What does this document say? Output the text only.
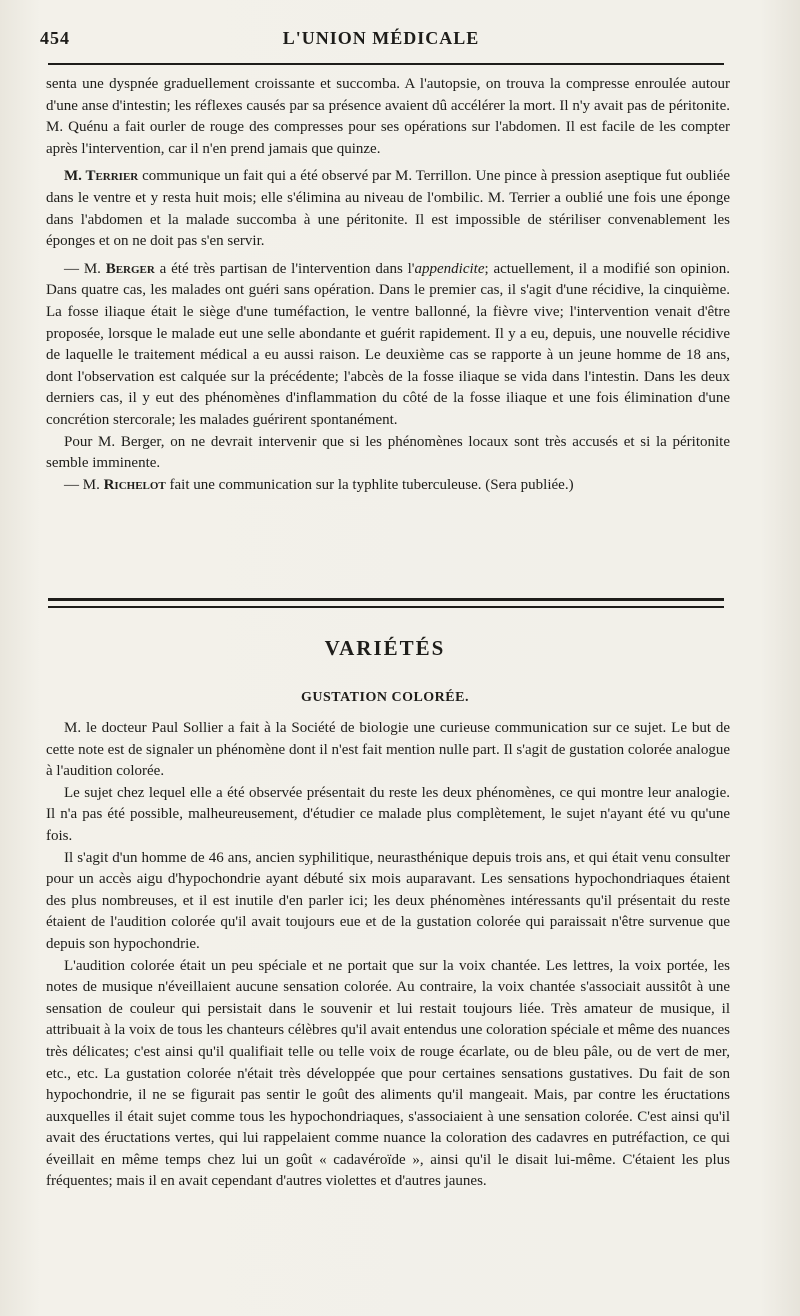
454	L'UNION MÉDICALE

senta une dyspnée graduellement croissante et succomba. A l'autopsie, on trouva la compresse enroulée autour d'une anse d'intestin; les réflexes causés par sa présence avaient dû accélérer la mort. Il n'y avait pas de péritonite. M. Quénu a fait ourler de rouge des compresses pour ses opérations sur l'abdomen. Il est facile de les compter après l'intervention, car il n'en prend jamais que quinze.

M. Terrier communique un fait qui a été observé par M. Terrillon. Une pince à pression aseptique fut oubliée dans le ventre et y resta huit mois; elle s'élimina au niveau de l'ombilic. M. Terrier a oublié une fois une éponge dans l'abdomen et la malade succomba à une péritonite. Il est impossible de stériliser convenablement les éponges et on ne doit pas s'en servir.

— M. Berger a été très partisan de l'intervention dans l'appendicite; actuellement, il a modifié son opinion. Dans quatre cas, les malades ont guéri sans opération. Dans le premier cas, il s'agit d'une récidive, la cinquième. La fosse iliaque était le siège d'une tuméfaction, le ventre ballonné, la fièvre vive; l'intervention venait d'être proposée, lorsque le malade eut une selle abondante et guérit rapidement. Il y a eu, depuis, une nouvelle récidive de laquelle le traitement médical a eu aussi raison. Le deuxième cas se rapporte à un jeune homme de 18 ans, dont l'observation est calquée sur la précédente; l'abcès de la fosse iliaque se vida dans l'intestin. Dans les deux derniers cas, il y eut des phénomènes d'inflammation du côté de la fosse iliaque et une fois élimination d'une concrétion stercorale; les malades guérirent spontanément.

Pour M. Berger, on ne devrait intervenir que si les phénomènes locaux sont très accusés et si la péritonite semble imminente.

— M. Richelot fait une communication sur la typhlite tuberculeuse. (Sera publiée.)

VARIÉTÉS
GUSTATION COLORÉE.

M. le docteur Paul Sollier a fait à la Société de biologie une curieuse communication sur ce sujet. Le but de cette note est de signaler un phénomène dont il n'est fait mention nulle part. Il s'agit de gustation colorée analogue à l'audition colorée.

Le sujet chez lequel elle a été observée présentait du reste les deux phénomènes, ce qui montre leur analogie. Il n'a pas été possible, malheureusement, d'étudier ce malade plus complètement, le sujet n'ayant été vu qu'une fois.

Il s'agit d'un homme de 46 ans, ancien syphilitique, neurasthénique depuis trois ans, et qui était venu consulter pour un accès aigu d'hypochondrie ayant débuté six mois auparavant. Les sensations hypochondriaques étaient des plus nombreuses, et il est inutile d'en parler ici; les deux phénomènes intéressants qu'il présentait du reste étaient de l'audition colorée qu'il avait toujours eue et de la gustation colorée qui paraissait n'être survenue que depuis son hypochondrie.

L'audition colorée était un peu spéciale et ne portait que sur la voix chantée. Les lettres, la voix portée, les notes de musique n'éveillaient aucune sensation colorée. Au contraire, la voix chantée s'associait aussitôt à une sensation de couleur qui persistait dans le souvenir et lui restait toujours liée. Très amateur de musique, il attribuait à la voix de tous les chanteurs célèbres qu'il avait entendus une coloration spéciale et même des nuances très délicates; c'est ainsi qu'il qualifiait telle ou telle voix de rouge écarlate, ou de bleu pâle, ou de vert de mer, etc., etc. La gustation colorée n'était très développée que pour certaines sensations gustatives. Du fait de son hypochondrie, il ne se figurait pas sentir le goût des aliments qu'il mangeait. Mais, par contre les éructations auxquelles il était sujet comme tous les hypochondriaques, s'associaient à une sensation colorée. C'est ainsi qu'il avait des éructations vertes, qui lui rappelaient comme nuance la coloration des cadavres en putréfaction, ce qui éveillait en même temps chez lui un goût « cadavéroïde », ainsi qu'il le disait lui-même. C'étaient les plus fréquentes; mais il en avait cependant d'autres violettes et d'autres jaunes.
